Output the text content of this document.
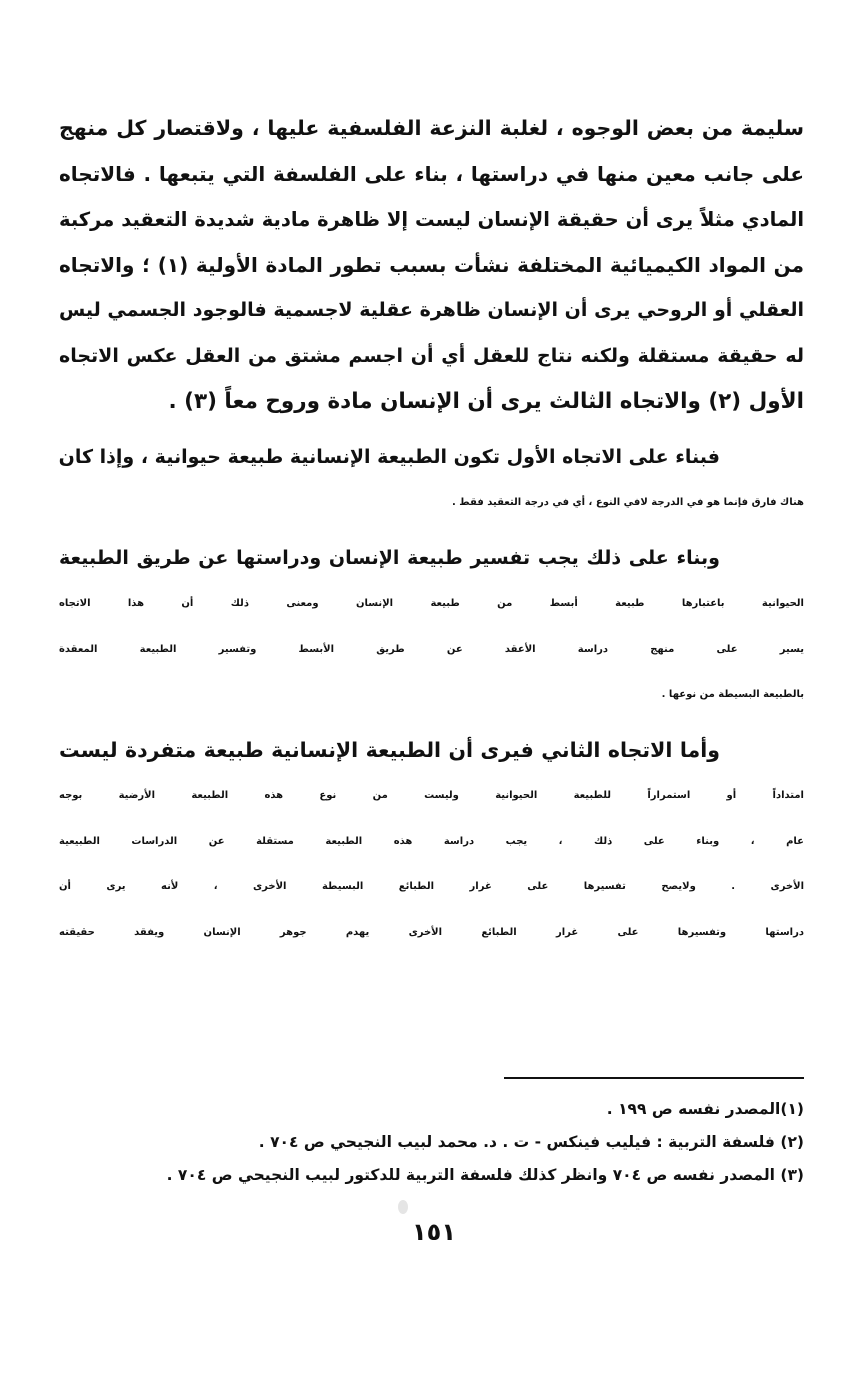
سليمة من بعض الوجوه ، لغلبة النزعة الفلسفية عليها ، ولاقتصار كل منهج
على جانب معين منها في دراستها ، بناء على الفلسفة التي يتبعها . فالاتجاه
المادي مثلاً يرى أن حقيقة الإنسان ليست إلا ظاهرة مادية شديدة التعقيد مركبة
من المواد الكيميائية المختلفة نشأت بسبب تطور المادة الأولية (١) ؛ والاتجاه
العقلي أو الروحي يرى أن الإنسان ظاهرة عقلية لاجسمية فالوجود الجسمي ليس
له حقيقة مستقلة ولكنه نتاج للعقل أي أن اجسم مشتق من العقل عكس الاتجاه
الأول (٢) والاتجاه الثالث يرى أن الإنسان مادة وروح معاً (٣) .

فبناء على الاتجاه الأول تكون الطبيعة الإنسانية طبيعة حيوانية ، وإذا كان
هناك فارق فإنما هو في الدرجة لافي النوع ، أي في درجة التعقيد فقط .

وبناء على ذلك يجب تفسير طبيعة الإنسان ودراستها عن طريق الطبيعة
الحيوانية باعتبارها طبيعة أبسط من طبيعة الإنسان ومعنى ذلك أن هذا الاتجاه
يسير على منهج دراسة الأعقد عن طريق الأبسط وتفسير الطبيعة المعقدة
بالطبيعة البسيطة من نوعها .

وأما الاتجاه الثاني فيرى أن الطبيعة الإنسانية طبيعة متفردة ليست
امتداداً أو استمراراً للطبيعة الحيوانية وليست من نوع هذه الطبيعة الأرضية بوجه
عام ، وبناء على ذلك ، يجب دراسة هذه الطبيعة مستقلة عن الدراسات الطبيعية
الأخرى . ولايصح تفسيرها على غرار الطبائع البسيطة الأخرى ، لأنه يرى أن
دراستها وتفسيرها على غرار الطبائع الأخرى يهدم جوهر الإنسان ويفقد حقيقته

(١)المصدر نفسه ص ١٩٩ .
(٢) فلسفة التربية : فيليب فينكس - ت . د. محمد لبيب النجيحي ص ٧٠٤ .
(٣) المصدر نفسه ص ٧٠٤ وانظر كذلك فلسفة التربية للدكتور لبيب النجيحي ص ٧٠٤ .
١٥١
